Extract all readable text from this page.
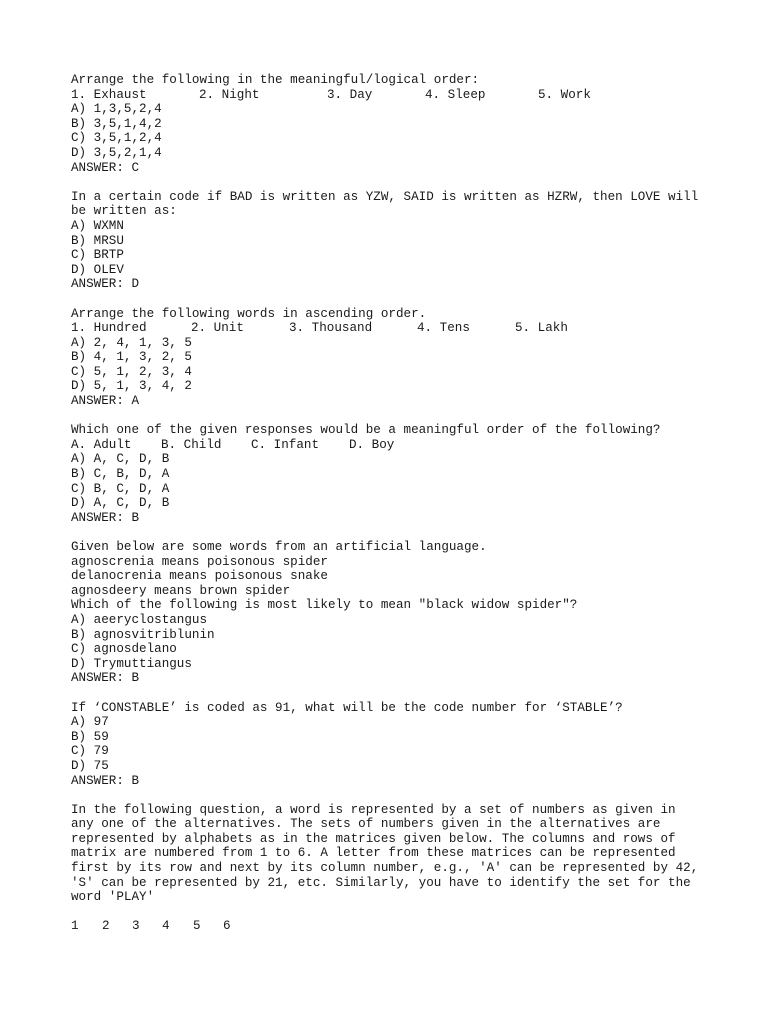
Arrange the following in the meaningful/logical order:
1. Exhaust	2. Night	3. Day	4. Sleep	5. Work
A) 1,3,5,2,4
B) 3,5,1,4,2
C) 3,5,1,2,4
D) 3,5,2,1,4
ANSWER: C
In a certain code if BAD is written as YZW, SAID is written as HZRW, then LOVE will
be written as:
A) WXMN
B) MRSU
C) BRTP
D) OLEV
ANSWER: D
Arrange the following words in ascending order.
1. Hundred	2. Unit	3. Thousand	4. Tens	5. Lakh
A) 2, 4, 1, 3, 5
B) 4, 1, 3, 2, 5
C) 5, 1, 2, 3, 4
D) 5, 1, 3, 4, 2
ANSWER: A
Which one of the given responses would be a meaningful order of the following?
A. Adult B. Child C. Infant D. Boy
A) A, C, D, B
B) C, B, D, A
C) B, C, D, A
D) A, C, D, B
ANSWER: B
Given below are some words from an artificial language.
agnoscrenia means poisonous spider
delanocrenia means poisonous snake
agnosdeery means brown spider
Which of the following is most likely to mean "black widow spider"?
A) aeeryclostangus
B) agnosvitriblunin
C) agnosdelano
D) Trymuttiangus
ANSWER: B
If ‘CONSTABLE’ is coded as 91, what will be the code number for ‘STABLE’?
A) 97
B) 59
C) 79
D) 75
ANSWER: B
In the following question, a word is represented by a set of numbers as given in
any one of the alternatives. The sets of numbers given in the alternatives are
represented by alphabets as in the matrices given below. The columns and rows of
matrix are numbered from 1 to 6. A letter from these matrices can be represented
first by its row and next by its column number, e.g., 'A' can be represented by 42,
'S' can be represented by 21, etc. Similarly, you have to identify the set for the
word 'PLAY'
1 2 3 4 5 6
